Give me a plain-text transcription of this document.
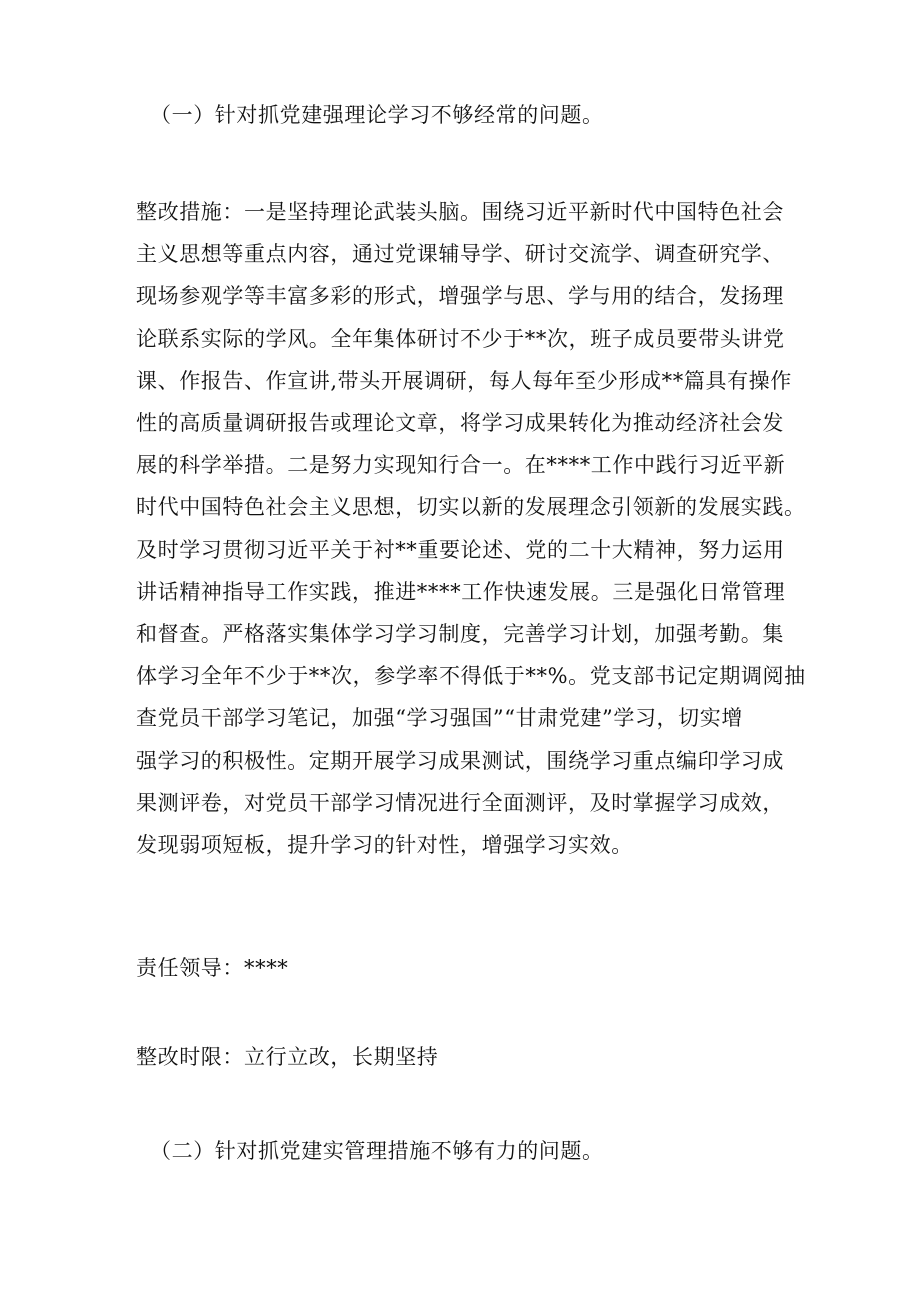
（一）针对抓党建强理论学习不够经常的问题。
整改措施：一是坚持理论武装头脑。围绕习近平新时代中国特色社会
主义思想等重点内容，通过党课辅导学、研讨交流学、调查研究学、
现场参观学等丰富多彩的形式，增强学与思、学与用的结合，发扬理
论联系实际的学风。全年集体研讨不少于**次，班子成员要带头讲党
课、作报告、作宣讲,带头开展调研，每人每年至少形成**篇具有操作
性的高质量调研报告或理论文章，将学习成果转化为推动经济社会发
展的科学举措。二是努力实现知行合一。在****工作中践行习近平新
时代中国特色社会主义思想，切实以新的发展理念引领新的发展实践。
及时学习贯彻习近平关于衬**重要论述、党的二十大精神，努力运用
讲话精神指导工作实践，推进****工作快速发展。三是强化日常管理
和督查。严格落实集体学习学习制度，完善学习计划，加强考勤。集
体学习全年不少于**次，参学率不得低于**%。党支部书记定期调阅抽
查党员干部学习笔记，加强“学习强国”“甘肃党建”学习，切实增
强学习的积极性。定期开展学习成果测试，围绕学习重点编印学习成
果测评卷，对党员干部学习情况进行全面测评，及时掌握学习成效，
发现弱项短板，提升学习的针对性，增强学习实效。
责任领导：****
整改时限：立行立改，长期坚持
（二）针对抓党建实管理措施不够有力的问题。
